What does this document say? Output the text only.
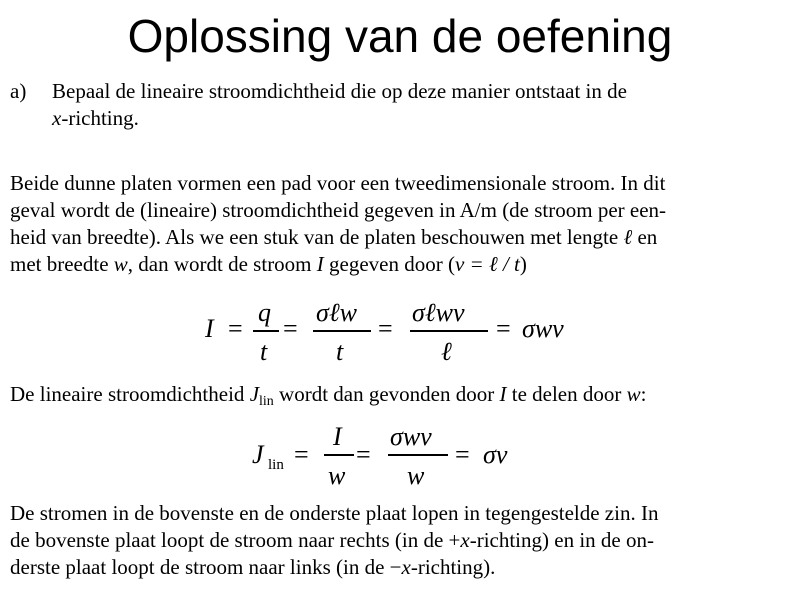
Oplossing van de oefening
a) Bepaal de lineaire stroomdichtheid die op deze manier ontstaat in de
x-richting.
Beide dunne platen vormen een pad voor een tweedimensionale stroom. In dit
geval wordt de (lineaire) stroomdichtheid gegeven in A/m (de stroom per een-
heid van breedte). Als we een stuk van de platen beschouwen met lengte ℓ en
met breedte w, dan wordt de stroom I gegeven door (v = ℓ / t)
I =
q
t
=
σℓw
t
=
σℓwv
ℓ
= σwv
De lineaire stroomdichtheid $J_{lin}$ wordt dan gevonden door I te delen door w:
J lin =
I
w
=
σwv
w
= σv
De stromen in de bovenste en de onderste plaat lopen in tegengestelde zin. In
de bovenste plaat loopt de stroom naar rechts (in de +x-richting) en in de on-
derste plaat loopt de stroom naar links (in de −x-richting).
